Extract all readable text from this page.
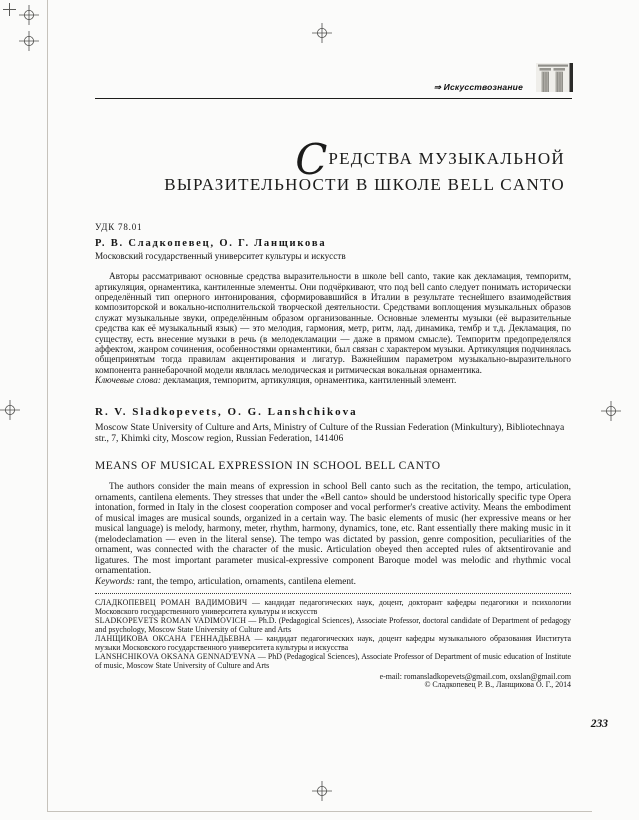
⇒ Искусствознание
СРЕДСТВА МУЗЫКАЛЬНОЙ
ВЫРАЗИТЕЛЬНОСТИ В ШКОЛЕ BELL CANTO
УДК 78.01
Р. В. Сладкопевец, О. Г. Ланщикова
Московский государственный университет культуры и искусств
Авторы рассматривают основные средства выразительности в школе bell canto, такие как декламация, темпоритм, артикуляция, орнаментика, кантиленные элементы. Они подчёркивают, что под bell canto следует понимать исторически определённый тип оперного интонирования, сформировавшийся в Италии в результате теснейшего взаимодействия композиторской и вокально-исполнительской творческой деятельности. Средствами воплощения музыкальных образов служат музыкальные звуки, определённым образом организованные. Основные элементы музыки (её выразительные средства как её музыкальный язык) — это мелодия, гармония, метр, ритм, лад, динамика, тембр и т.д. Декламация, по существу, есть внесение музыки в речь (в мелодекламации — даже в прямом смысле). Темпоритм предопределялся аффектом, жанром сочинения, особенностями орнаментики, был связан с характером музыки. Артикуляция подчинялась общепринятым тогда правилам акцентирования и лигатур. Важнейшим параметром музыкально-выразительного компонента раннебарочной модели являлась мелодическая и ритмическая вокальная орнаментика.
Ключевые слова: декламация, темпоритм, артикуляция, орнаментика, кантиленный элемент.
R. V. Sladkopevets, O. G. Lanshchikova
Moscow State University of Culture and Arts, Ministry of Culture of the Russian Federation (Minkultury), Bibliotechnaya str., 7, Khimki city, Moscow region, Russian Federation, 141406
MEANS OF MUSICAL EXPRESSION IN SCHOOL BELL CANTO
The authors consider the main means of expression in school Bell canto such as the recitation, the tempo, articulation, ornaments, cantilena elements. They stresses that under the «Bell canto» should be understood historically specific type Opera intonation, formed in Italy in the closest cooperation composer and vocal performer's creative activity. Means the embodiment of musical images are musical sounds, organized in a certain way. The basic elements of music (her expressive means or her musical language) is melody, harmony, meter, rhythm, harmony, dynamics, tone, etc. Rant essentially there making music in it (melodeclamation — even in the literal sense). The tempo was dictated by passion, genre composition, peculiarities of the ornament, was connected with the character of the music. Articulation obeyed then accepted rules of aktsentirovanie and ligatures. The most important parameter musical-expressive component Baroque model was melodic and rhythmic vocal ornamentation.
Keywords: rant, the tempo, articulation, ornaments, cantilena element.

СЛАДКОПЕВЕЦ РОМАН ВАДИМОВИЧ — кандидат педагогических наук, доцент, докторант кафедры педагогики и психологии Московского государственного университета культуры и искусств

SLADKOPEVETS ROMAN VADIMOVICH — Ph.D. (Pedagogical Sciences), Associate Professor, doctoral candidate of Department of pedagogy and psychology, Moscow State University of Culture and Arts

ЛАНЩИКОВА ОКСАНА ГЕННАДЬЕВНА — кандидат педагогических наук, доцент кафедры музыкального образования Института музыки Московского государственного университета культуры и искусства

LANSHCHIKOVA OKSANA GENNAD'EVNA — PhD (Pedagogical Sciences), Associate Professor of Department of music education of Institute of music, Moscow State University of Culture and Arts

e-mail: romansladkopevets@gmail.com, oxslan@gmail.com
© Сладкопевец Р. В., Ланщикова О. Г., 2014
233
